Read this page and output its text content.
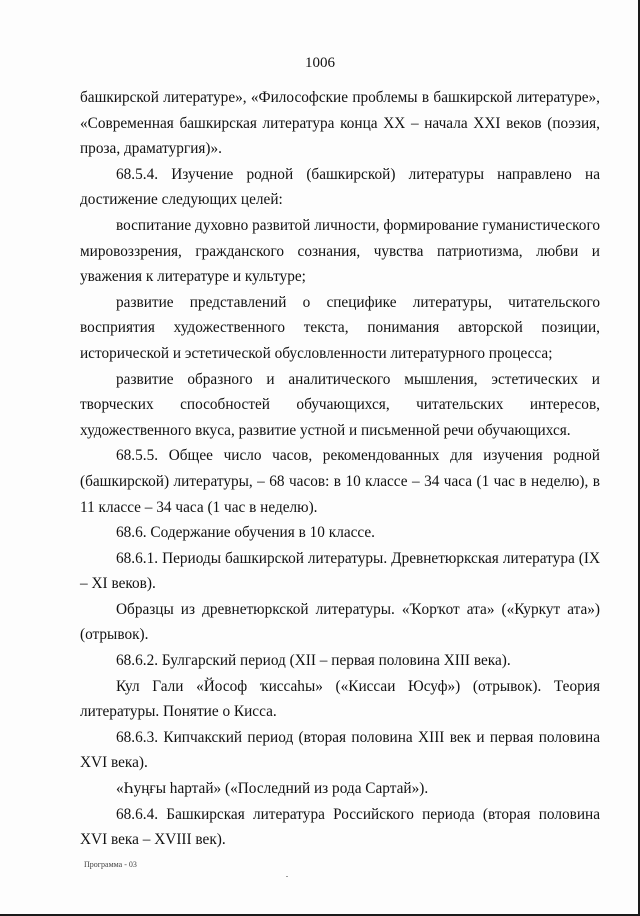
1006

башкирской литературе», «Философские проблемы в башкирской литературе», «Современная башкирская литература конца XX – начала XXI веков (поэзия, проза, драматургия)».

68.5.4. Изучение родной (башкирской) литературы направлено на достижение следующих целей:

воспитание духовно развитой личности, формирование гуманистического мировоззрения, гражданского сознания, чувства патриотизма, любви и уважения к литературе и культуре;

развитие представлений о специфике литературы, читательского восприятия художественного текста, понимания авторской позиции, исторической и эстетической обусловленности литературного процесса;

развитие образного и аналитического мышления, эстетических и творческих способностей обучающихся, читательских интересов, художественного вкуса, развитие устной и письменной речи обучающихся.

68.5.5. Общее число часов, рекомендованных для изучения родной (башкирской) литературы, – 68 часов: в 10 классе – 34 часа (1 час в неделю), в 11 классе – 34 часа (1 час в неделю).

68.6. Содержание обучения в 10 классе.

68.6.1. Периоды башкирской литературы. Древнетюркская литература (IX – XI веков).

Образцы из древнетюркской литературы. «Ҡорҡот ата» («Куркут ата») (отрывок).

68.6.2. Булгарский период (XII – первая половина XIII века).

Кул Гали «Йософ ҡиссаһы» («Киссаи Юсуф») (отрывок). Теория литературы. Понятие о Кисса.

68.6.3. Кипчакский период (вторая половина XIII век и первая половина XVI века).

«Һуңғы һартай» («Последний из рода Сартай»).

68.6.4. Башкирская литература Российского периода (вторая половина XVI века – XVIII век).

Программа - 03
